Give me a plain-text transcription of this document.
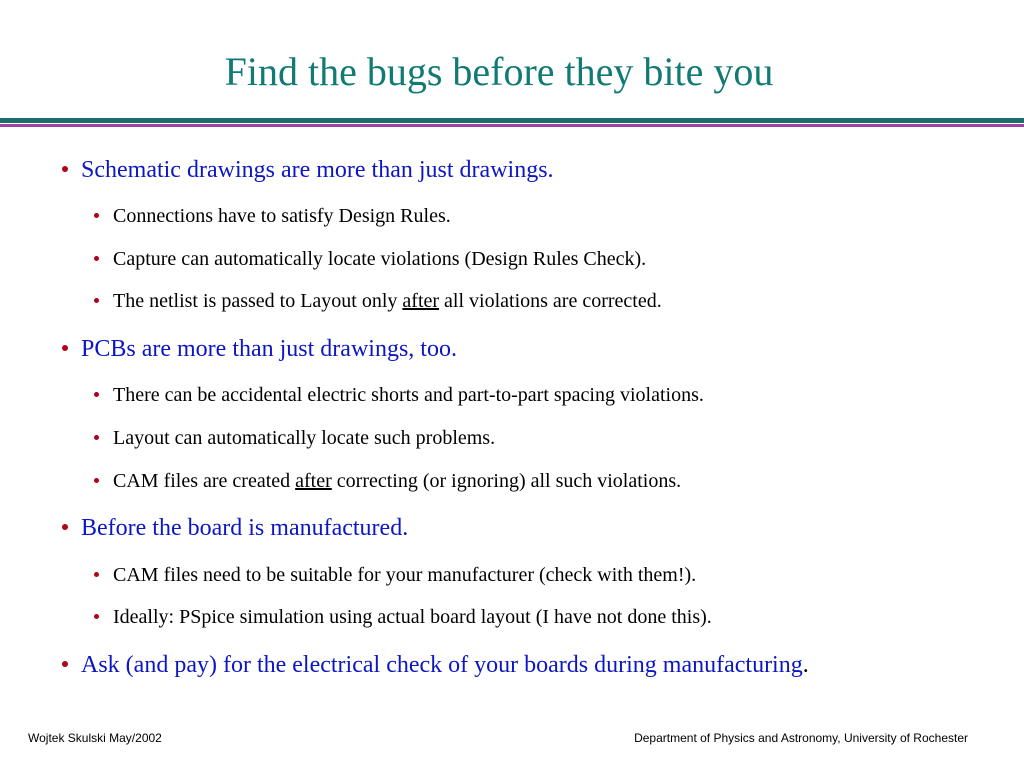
Find the bugs before they bite you
Schematic drawings are more than just drawings.
Connections have to satisfy Design Rules.
Capture can automatically locate violations (Design Rules Check).
The netlist is passed to Layout only after all violations are corrected.
PCBs are more than just drawings, too.
There can be accidental electric shorts and part-to-part spacing violations.
Layout can automatically locate such problems.
CAM files are created after correcting (or ignoring) all such violations.
Before the board is manufactured.
CAM files need to be suitable for your manufacturer (check with them!).
Ideally: PSpice simulation using actual board layout (I have not done this).
Ask (and pay) for the electrical check of your boards during manufacturing.
Wojtek Skulski May/2002	Department of Physics and Astronomy, University of Rochester
